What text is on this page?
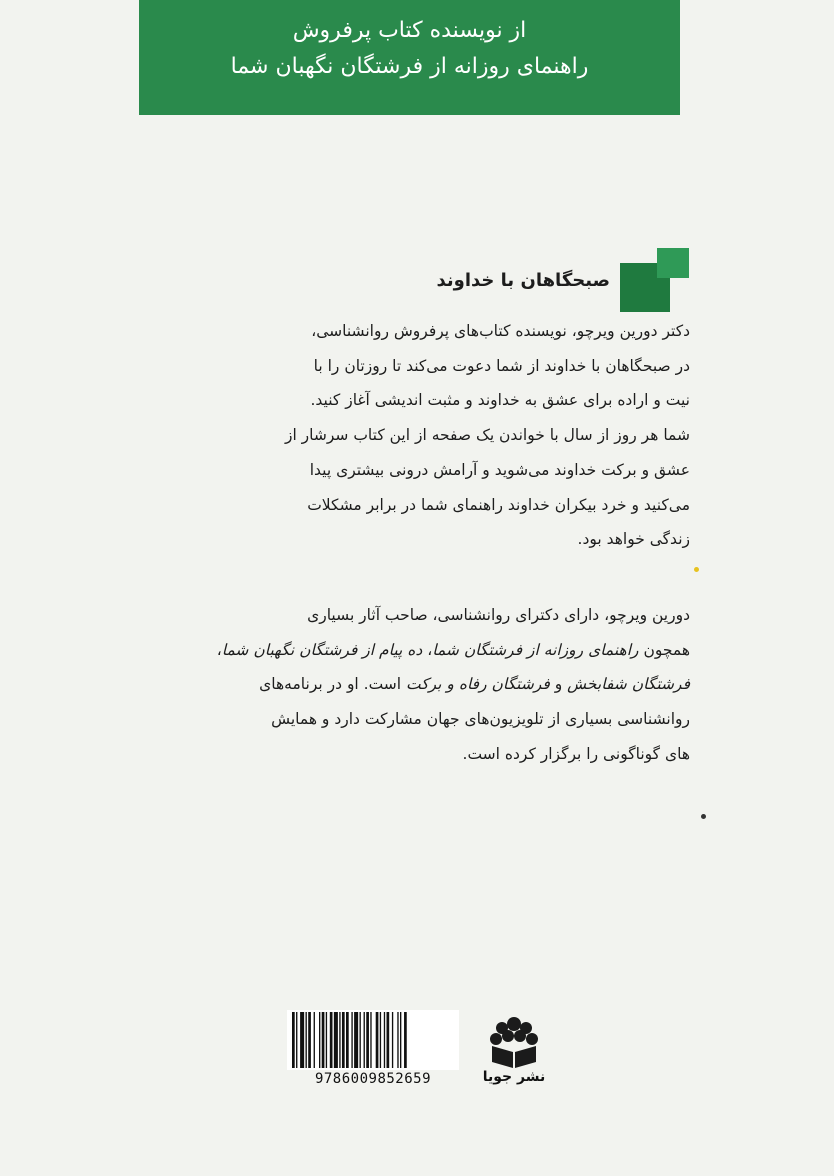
از نویسنده کتاب پرفروش
راهنمای روزانه از فرشتگان نگهبان شما
صبحگاهان با خداوند
دکتر دورین ویرچو، نویسنده کتاب‌های پرفروش روانشناسی،
در صبحگاهان با خداوند از شما دعوت می‌کند تا روزتان را با
نیت و اراده برای عشق به خداوند و مثبت اندیشی آغاز کنید.
شما هر روز از سال با خواندن یک صفحه از این کتاب سرشار از
عشق و برکت خداوند می‌شوید و آرامش درونی بیشتری پیدا
می‌کنید و خرد بیکران خداوند راهنمای شما در برابر مشکلات
زندگی خواهد بود.
دورین ویرچو، دارای دکترای روانشناسی، صاحب آثار بسیاری
همچون راهنمای روزانه از فرشتگان شما، ده پیام از فرشتگان نگهبان شما،
فرشتگان شفابخش و فرشتگان رفاه و برکت است. او در برنامه‌های
روانشناسی بسیاری از تلویزیون‌های جهان مشارکت دارد و همایش
های گوناگونی را برگزار کرده است.
9786009852659	نشر جویا
